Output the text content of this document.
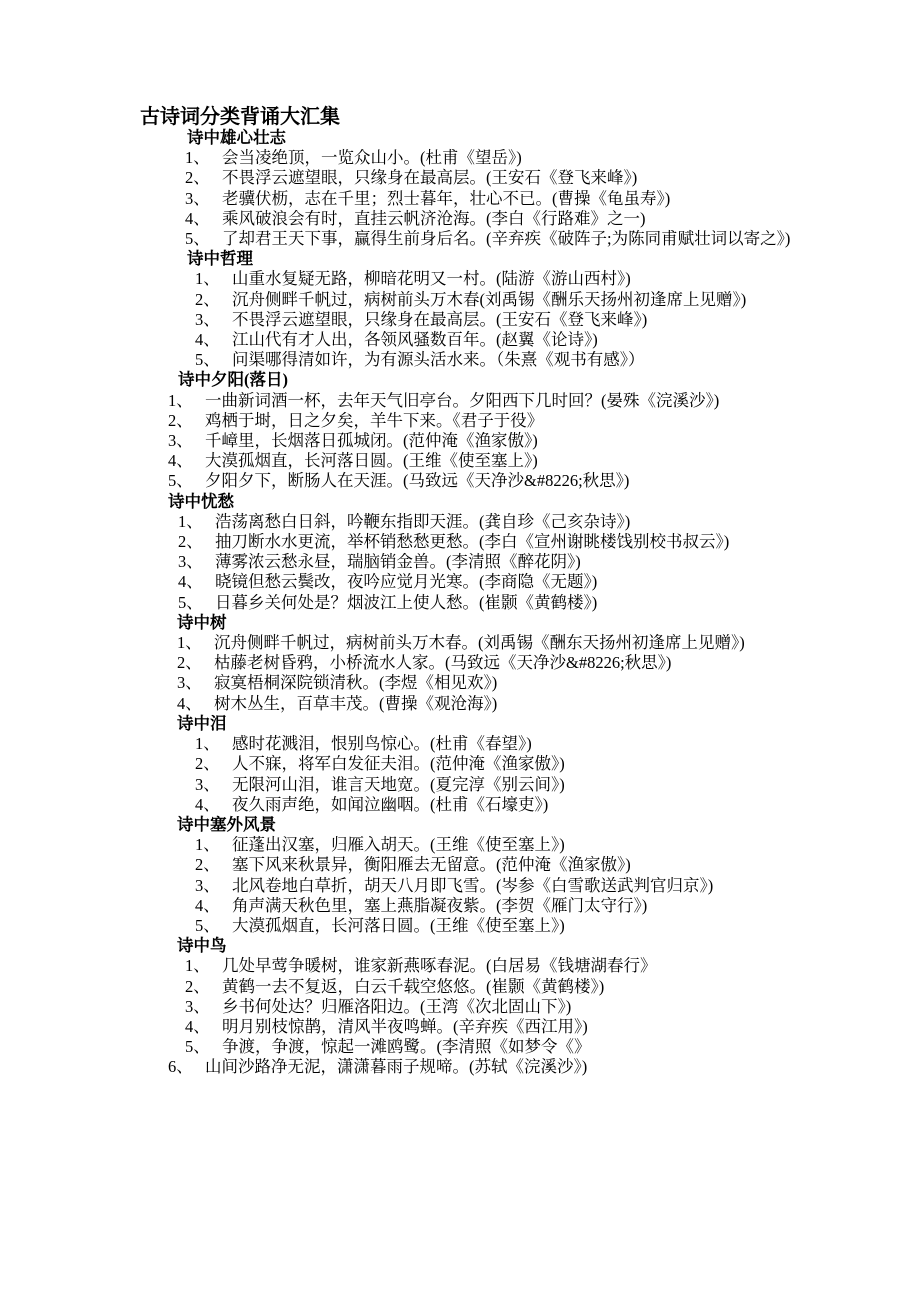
古诗词分类背诵大汇集
诗中雄心壮志
1、 会当凌绝顶，一览众山小。(杜甫《望岳》)
2、 不畏浮云遮望眼，只缘身在最高层。(王安石《登飞来峰》)
3、 老骥伏枥，志在千里；烈士暮年，壮心不已。(曹操《龟虽寿》)
4、 乘风破浪会有时，直挂云帆济沧海。(李白《行路难》之一)
5、 了却君王天下事，赢得生前身后名。(辛弃疾《破阵子;为陈同甫赋壮词以寄之》)
诗中哲理
1、 山重水复疑无路，柳暗花明又一村。(陆游《游山西村》)
2、 沉舟侧畔千帆过，病树前头万木春(刘禹锡《酬乐天扬州初逢席上见赠》)
3、 不畏浮云遮望眼，只缘身在最高层。(王安石《登飞来峰》)
4、 江山代有才人出，各领风骚数百年。(赵翼《论诗》)
5、 问渠哪得清如许，为有源头活水来。（朱熹《观书有感》）
诗中夕阳(落日)
1、 一曲新词酒一杯，去年天气旧亭台。夕阳西下几时回？(晏殊《浣溪沙》)
2、 鸡栖于埘，日之夕矣，羊牛下来。《君子于役》
3、 千嶂里，长烟落日孤城闭。(范仲淹《渔家傲》)
4、 大漠孤烟直，长河落日圆。(王维《使至塞上》)
5、 夕阳夕下，断肠人在天涯。(马致远《天净沙&#8226;秋思》)
诗中忧愁
1、 浩荡离愁白日斜，吟鞭东指即天涯。(龚自珍《己亥杂诗》)
2、 抽刀断水水更流，举杯销愁愁更愁。(李白《宣州谢眺楼饯别校书叔云》)
3、 薄雾浓云愁永昼，瑞脑销金兽。(李清照《醉花阴》)
4、 晓镜但愁云鬓改，夜吟应觉月光寒。(李商隐《无题》)
5、 日暮乡关何处是？烟波江上使人愁。(崔颢《黄鹤楼》)
诗中树
1、 沉舟侧畔千帆过，病树前头万木春。(刘禹锡《酬东天扬州初逢席上见赠》)
2、 枯藤老树昏鸦，小桥流水人家。(马致远《天净沙&#8226;秋思》)
3、 寂寞梧桐深院锁清秋。(李煜《相见欢》)
4、 树木丛生，百草丰茂。(曹操《观沧海》)
诗中泪
1、 感时花溅泪，恨别鸟惊心。(杜甫《春望》)
2、 人不寐，将军白发征夫泪。(范仲淹《渔家傲》)
3、 无限河山泪，谁言天地宽。(夏完淳《别云间》)
4、 夜久雨声绝，如闻泣幽咽。(杜甫《石壕吏》)
诗中塞外风景
1、 征蓬出汉塞，归雁入胡天。(王维《使至塞上》)
2、 塞下风来秋景异，衡阳雁去无留意。(范仲淹《渔家傲》)
3、 北风卷地白草折，胡天八月即飞雪。(岑参《白雪歌送武判官归京》)
4、 角声满天秋色里，塞上燕脂凝夜紫。(李贺《雁门太守行》)
5、 大漠孤烟直，长河落日圆。(王维《使至塞上》)
诗中鸟
1、 几处早莺争暖树，谁家新燕啄春泥。(白居易《钱塘湖春行》
2、 黄鹤一去不复返，白云千载空悠悠。(崔颢《黄鹤楼》)
3、 乡书何处达？归雁洛阳边。(王湾《次北固山下》)
4、 明月别枝惊鹊，清风半夜鸣蝉。(辛弃疾《西江用》)
5、 争渡，争渡，惊起一滩鸥鹭。(李清照《如梦令《》
6、 山间沙路净无泥，潇潇暮雨子规啼。(苏轼《浣溪沙》)
